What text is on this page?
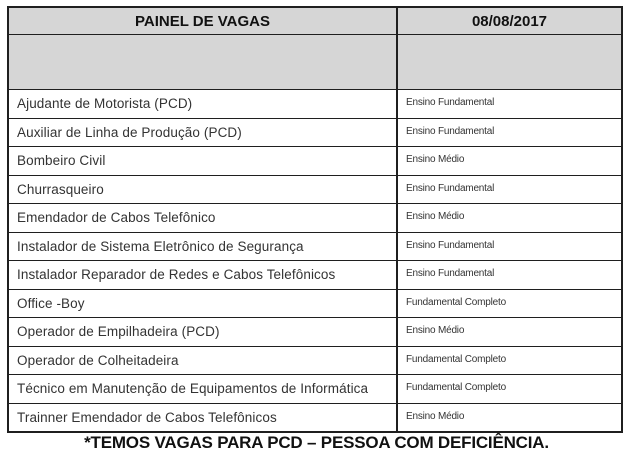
PAINEL DE VAGAS	08/08/2017
Ajudante de Motorista (PCD)	Ensino Fundamental
Auxiliar de Linha de Produção (PCD)	Ensino Fundamental
Bombeiro Civil	Ensino Médio
Churrasqueiro	Ensino Fundamental
Emendador de Cabos Telefônico	Ensino Médio
Instalador de Sistema Eletrônico de Segurança	Ensino Fundamental
Instalador Reparador de Redes e Cabos Telefônicos	Ensino Fundamental
Office -Boy	Fundamental Completo
Operador de Empilhadeira (PCD)	Ensino Médio
Operador de Colheitadeira	Fundamental Completo
Técnico em Manutenção de Equipamentos de Informática	Fundamental Completo
Trainner Emendador de Cabos Telefônicos	Ensino Médio
*TEMOS VAGAS PARA PCD – PESSOA COM DEFICIÊNCIA.
